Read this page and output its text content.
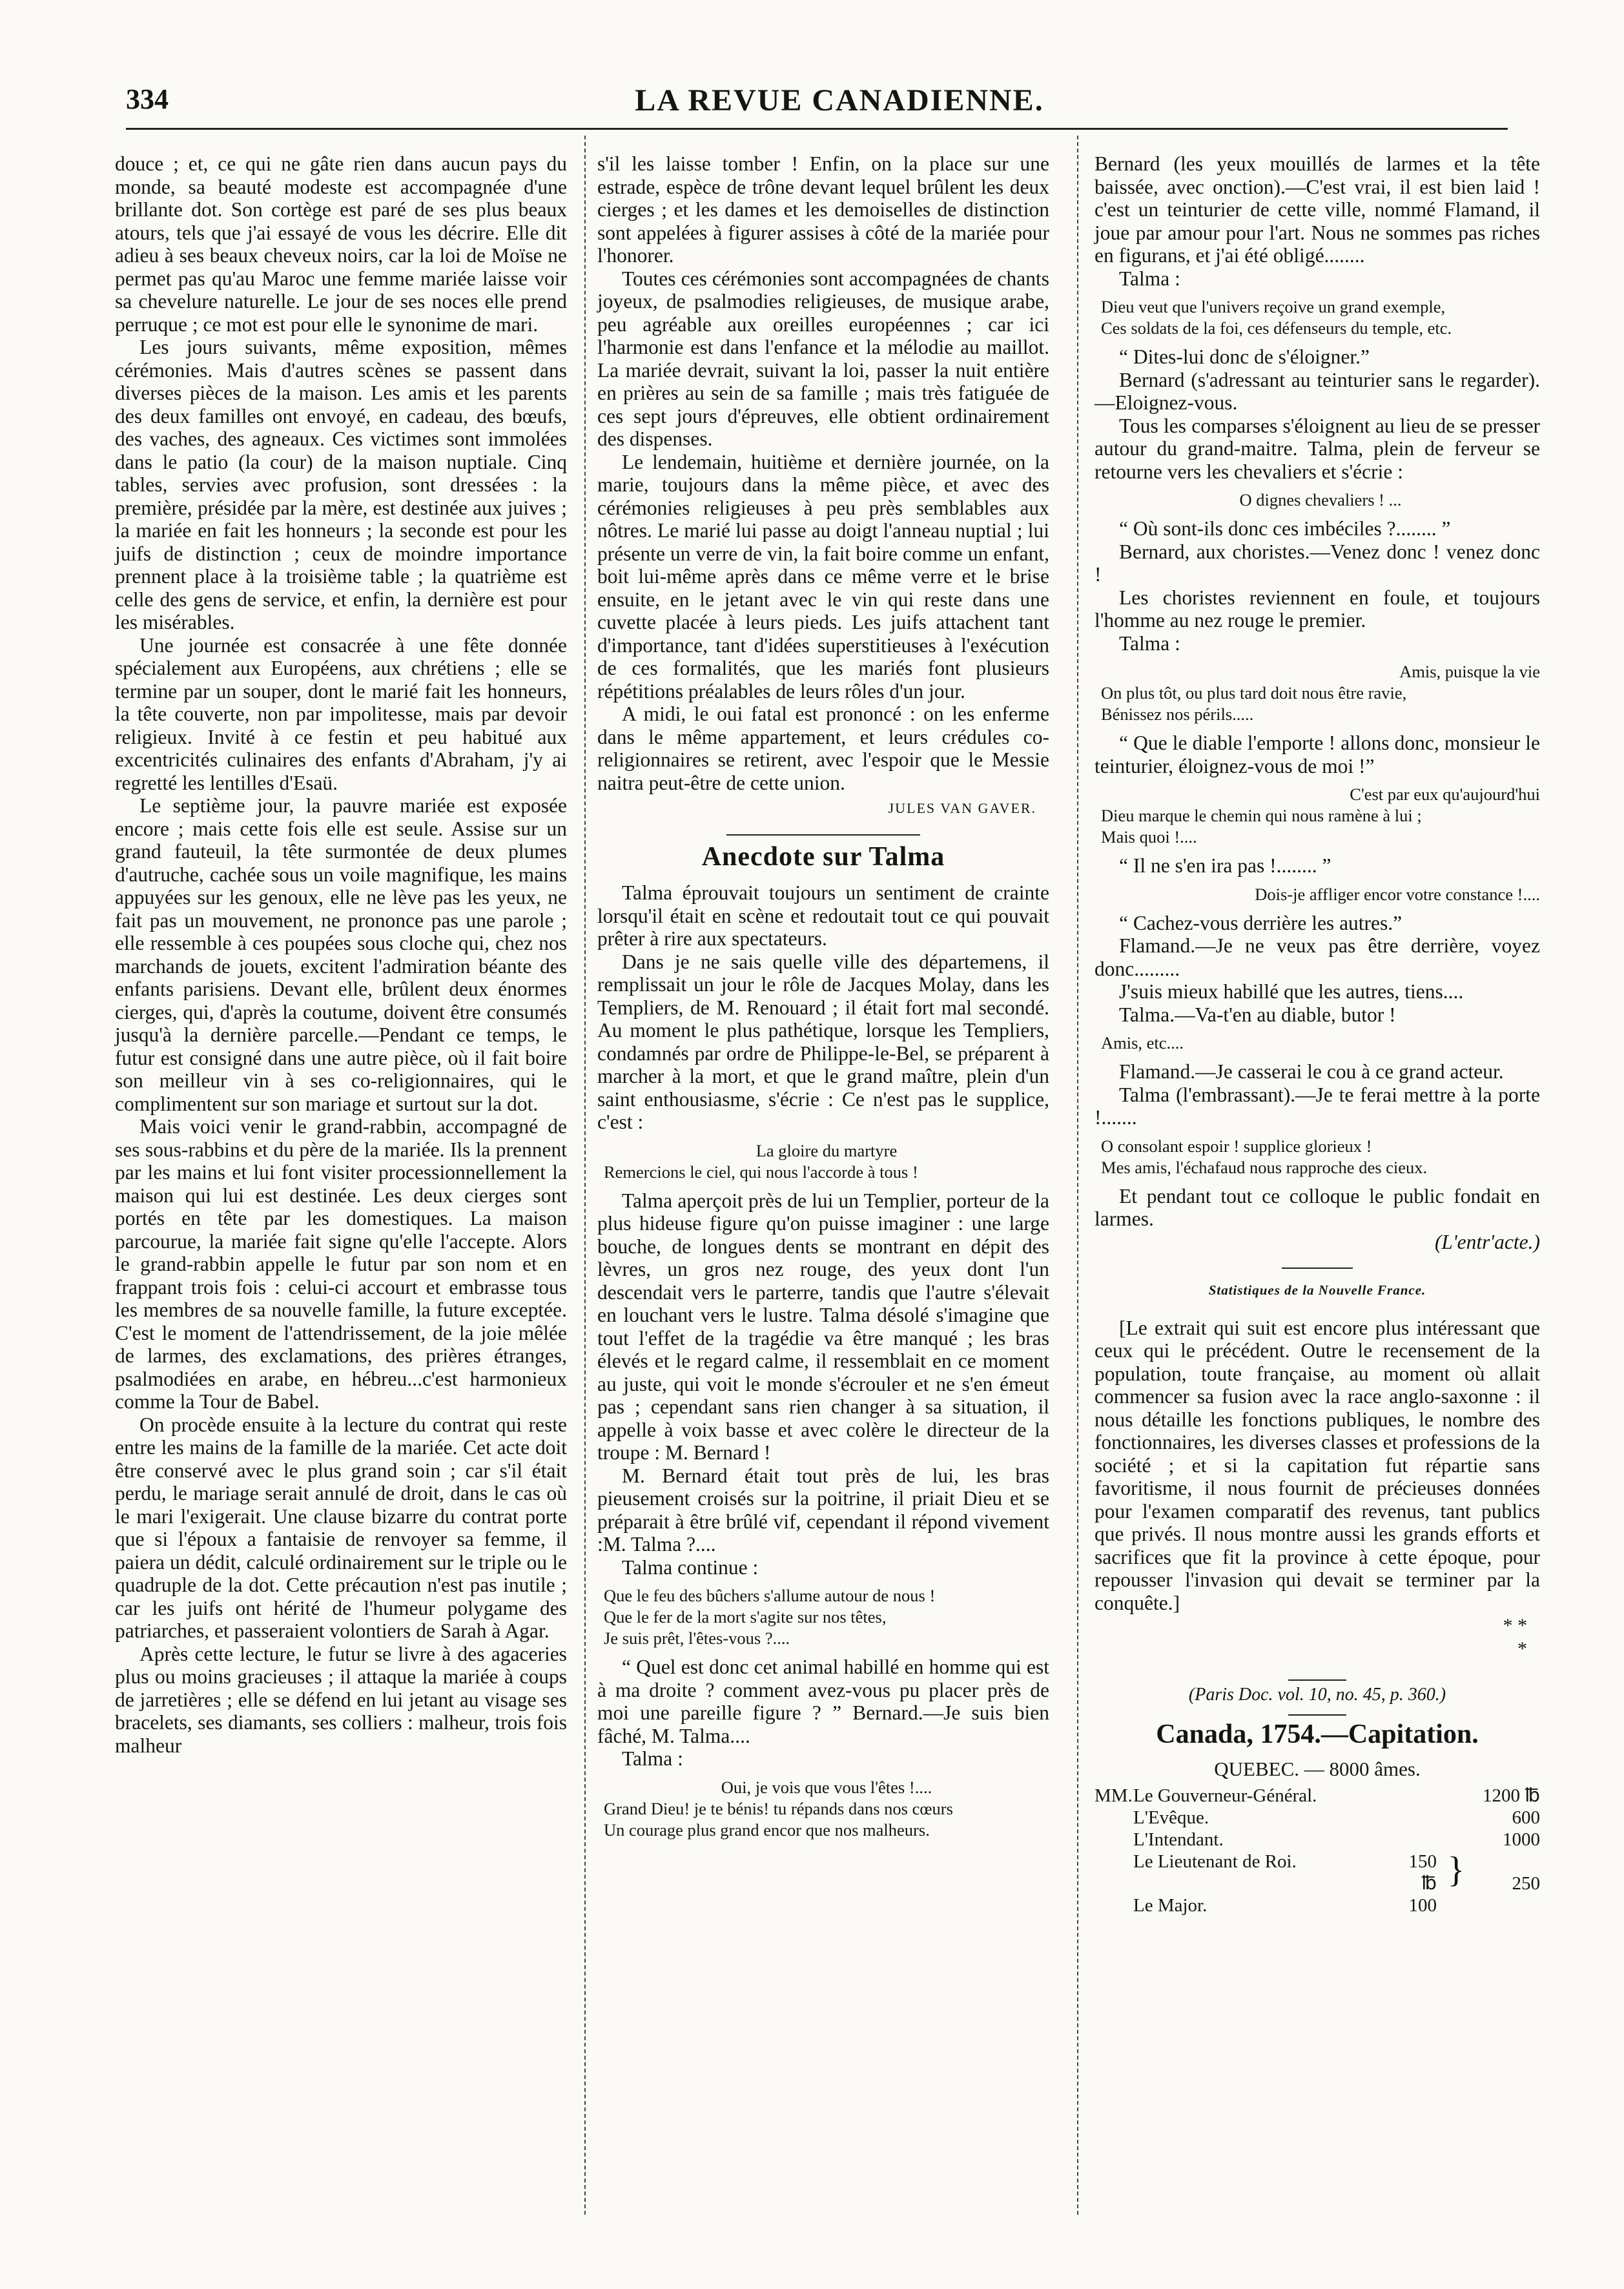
334	LA REVUE CANADIENNE.

douce ; et, ce qui ne gâte rien dans aucun pays du monde, sa beauté modeste est accompagnée d'une brillante dot. Son cortège est paré de ses plus beaux atours, tels que j'ai essayé de vous les décrire. Elle dit adieu à ses beaux cheveux noirs, car la loi de Moïse ne permet pas qu'au Maroc une femme mariée laisse voir sa chevelure naturelle. Le jour de ses noces elle prend perruque ; ce mot est pour elle le synonime de mari.

Les jours suivants, même exposition, mêmes cérémonies. Mais d'autres scènes se passent dans diverses pièces de la maison. Les amis et les parents des deux familles ont envoyé, en cadeau, des bœufs, des vaches, des agneaux. Ces victimes sont immolées dans le patio (la cour) de la maison nuptiale. Cinq tables, servies avec profusion, sont dressées : la première, présidée par la mère, est destinée aux juives ; la mariée en fait les honneurs ; la seconde est pour les juifs de distinction ; ceux de moindre importance prennent place à la troisième table ; la quatrième est celle des gens de service, et enfin, la dernière est pour les misérables.

Une journée est consacrée à une fête donnée spécialement aux Européens, aux chrétiens ; elle se termine par un souper, dont le marié fait les honneurs, la tête couverte, non par impolitesse, mais par devoir religieux. Invité à ce festin et peu habitué aux excentricités culinaires des enfants d'Abraham, j'y ai regretté les lentilles d'Esaü.

Le septième jour, la pauvre mariée est exposée encore ; mais cette fois elle est seule. Assise sur un grand fauteuil, la tête surmontée de deux plumes d'autruche, cachée sous un voile magnifique, les mains appuyées sur les genoux, elle ne lève pas les yeux, ne fait pas un mouvement, ne prononce pas une parole ; elle ressemble à ces poupées sous cloche qui, chez nos marchands de jouets, excitent l'admiration béante des enfants parisiens. Devant elle, brûlent deux énormes cierges, qui, d'après la coutume, doivent être consumés jusqu'à la dernière parcelle.—Pendant ce temps, le futur est consigné dans une autre pièce, où il fait boire son meilleur vin à ses co-religionnaires, qui le complimentent sur son mariage et surtout sur la dot.

Mais voici venir le grand-rabbin, accompagné de ses sous-rabbins et du père de la mariée. Ils la prennent par les mains et lui font visiter processionnellement la maison qui lui est destinée. Les deux cierges sont portés en tête par les domestiques. La maison parcourue, la mariée fait signe qu'elle l'accepte. Alors le grand-rabbin appelle le futur par son nom et en frappant trois fois : celui-ci accourt et embrasse tous les membres de sa nouvelle famille, la future exceptée. C'est le moment de l'attendrissement, de la joie mêlée de larmes, des exclamations, des prières étranges, psalmodiées en arabe, en hébreu...c'est harmonieux comme la Tour de Babel.

On procède ensuite à la lecture du contrat qui reste entre les mains de la famille de la mariée. Cet acte doit être conservé avec le plus grand soin ; car s'il était perdu, le mariage serait annulé de droit, dans le cas où le mari l'exigerait. Une clause bizarre du contrat porte que si l'époux a fantaisie de renvoyer sa femme, il paiera un dédit, calculé ordinairement sur le triple ou le quadruple de la dot. Cette précaution n'est pas inutile ; car les juifs ont hérité de l'humeur polygame des patriarches, et passeraient volontiers de Sarah à Agar.

Après cette lecture, le futur se livre à des agaceries plus ou moins gracieuses ; il attaque la mariée à coups de jarretières ; elle se défend en lui jetant au visage ses bracelets, ses diamants, ses colliers : malheur, trois fois malheur

s'il les laisse tomber ! Enfin, on la place sur une estrade, espèce de trône devant lequel brûlent les deux cierges ; et les dames et les demoiselles de distinction sont appelées à figurer assises à côté de la mariée pour l'honorer.

Toutes ces cérémonies sont accompagnées de chants joyeux, de psalmodies religieuses, de musique arabe, peu agréable aux oreilles européennes ; car ici l'harmonie est dans l'enfance et la mélodie au maillot. La mariée devrait, suivant la loi, passer la nuit entière en prières au sein de sa famille ; mais très fatiguée de ces sept jours d'épreuves, elle obtient ordinairement des dispenses.

Le lendemain, huitième et dernière journée, on la marie, toujours dans la même pièce, et avec des cérémonies religieuses à peu près semblables aux nôtres. Le marié lui passe au doigt l'anneau nuptial ; lui présente un verre de vin, la fait boire comme un enfant, boit lui-même après dans ce même verre et le brise ensuite, en le jetant avec le vin qui reste dans une cuvette placée à leurs pieds. Les juifs attachent tant d'importance, tant d'idées superstitieuses à l'exécution de ces formalités, que les mariés font plusieurs répétitions préalables de leurs rôles d'un jour.

A midi, le oui fatal est prononcé : on les enferme dans le même appartement, et leurs crédules co-religionnaires se retirent, avec l'espoir que le Messie naitra peut-être de cette union.

JULES VAN GAVER.
Anecdote sur Talma

Talma éprouvait toujours un sentiment de crainte lorsqu'il était en scène et redoutait tout ce qui pouvait prêter à rire aux spectateurs.

Dans je ne sais quelle ville des départemens, il remplissait un jour le rôle de Jacques Molay, dans les Templiers, de M. Renouard ; il était fort mal secondé. Au moment le plus pathétique, lorsque les Templiers, condamnés par ordre de Philippe-le-Bel, se préparent à marcher à la mort, et que le grand maître, plein d'un saint enthousiasme, s'écrie : Ce n'est pas le supplice, c'est :

La gloire du martyre
Remercions le ciel, qui nous l'accorde à tous !

Talma aperçoit près de lui un Templier, porteur de la plus hideuse figure qu'on puisse imaginer : une large bouche, de longues dents se montrant en dépit des lèvres, un gros nez rouge, des yeux dont l'un descendait vers le parterre, tandis que l'autre s'élevait en louchant vers le lustre. Talma désolé s'imagine que tout l'effet de la tragédie va être manqué ; les bras élevés et le regard calme, il ressemblait en ce moment au juste, qui voit le monde s'écrouler et ne s'en émeut pas ; cependant sans rien changer à sa situation, il appelle à voix basse et avec colère le directeur de la troupe : M. Bernard !

M. Bernard était tout près de lui, les bras pieusement croisés sur la poitrine, il priait Dieu et se préparait à être brûlé vif, cependant il répond vivement :M. Talma ?....

Talma continue :

Que le feu des bûchers s'allume autour de nous !
Que le fer de la mort s'agite sur nos têtes,
Je suis prêt, l'êtes-vous ?....

“ Quel est donc cet animal habillé en homme qui est à ma droite ? comment avez-vous pu placer près de moi une pareille figure ? ” Bernard.—Je suis bien fâché, M. Talma....

Talma :

Oui, je vois que vous l'êtes !....
Grand Dieu! je te bénis! tu répands dans nos cœurs
Un courage plus grand encor que nos malheurs.

Bernard (les yeux mouillés de larmes et la tête baissée, avec onction).—C'est vrai, il est bien laid ! c'est un teinturier de cette ville, nommé Flamand, il joue par amour pour l'art. Nous ne sommes pas riches en figurans, et j'ai été obligé........

Talma :

Dieu veut que l'univers reçoive un grand exemple,
Ces soldats de la foi, ces défenseurs du temple, etc.

“ Dites-lui donc de s'éloigner.”

Bernard (s'adressant au teinturier sans le regarder).—Eloignez-vous.

Tous les comparses s'éloignent au lieu de se presser autour du grand-maitre. Talma, plein de ferveur se retourne vers les chevaliers et s'écrie :

O dignes chevaliers ! ...

“ Où sont-ils donc ces imbéciles ?........ ”

Bernard, aux choristes.—Venez donc ! venez donc !

Les choristes reviennent en foule, et toujours l'homme au nez rouge le premier.

Talma :

Amis, puisque la vie
On plus tôt, ou plus tard doit nous être ravie,
Bénissez nos périls.....

“ Que le diable l'emporte ! allons donc, monsieur le teinturier, éloignez-vous de moi !”

C'est par eux qu'aujourd'hui
Dieu marque le chemin qui nous ramène à lui ;
Mais quoi !....

“ Il ne s'en ira pas !........ ”

Dois-je affliger encor votre constance !....

“ Cachez-vous derrière les autres.”

Flamand.—Je ne veux pas être derrière, voyez donc.........

J'suis mieux habillé que les autres, tiens....

Talma.—Va-t'en au diable, butor !

Amis, etc....

Flamand.—Je casserai le cou à ce grand acteur.

Talma (l'embrassant).—Je te ferai mettre à la porte !.......

O consolant espoir ! supplice glorieux !
Mes amis, l'échafaud nous rapproche des cieux.

Et pendant tout ce colloque le public fondait en larmes.

(L'entr'acte.)

Statistiques de la Nouvelle France.

[Le extrait qui suit est encore plus intéressant que ceux qui le précédent. Outre le recensement de la population, toute française, au moment où allait commencer sa fusion avec la race anglo-saxonne : il nous détaille les fonctions publiques, le nombre des fonctionnaires, les diverses classes et professions de la société ; et si la capitation fut répartie sans favoritisme, il nous fournit de précieuses données pour l'examen comparatif des revenus, tant publics que privés. Il nous montre aussi les grands efforts et sacrifices que fit la province à cette époque, pour repousser l'invasion qui devait se terminer par la conquête.]

* *
*
(Paris Doc. vol. 10, no. 45, p. 360.)
Canada, 1754.—Capitation.
QUEBEC. — 8000 âmes.
MM.	Le Gouverneur-Général.			1200 ℔
	L'Evêque.			600
	L'Intendant.			1000
	Le Lieutenant de Roi.	150 ℔	}	250
	Le Major.	100		
